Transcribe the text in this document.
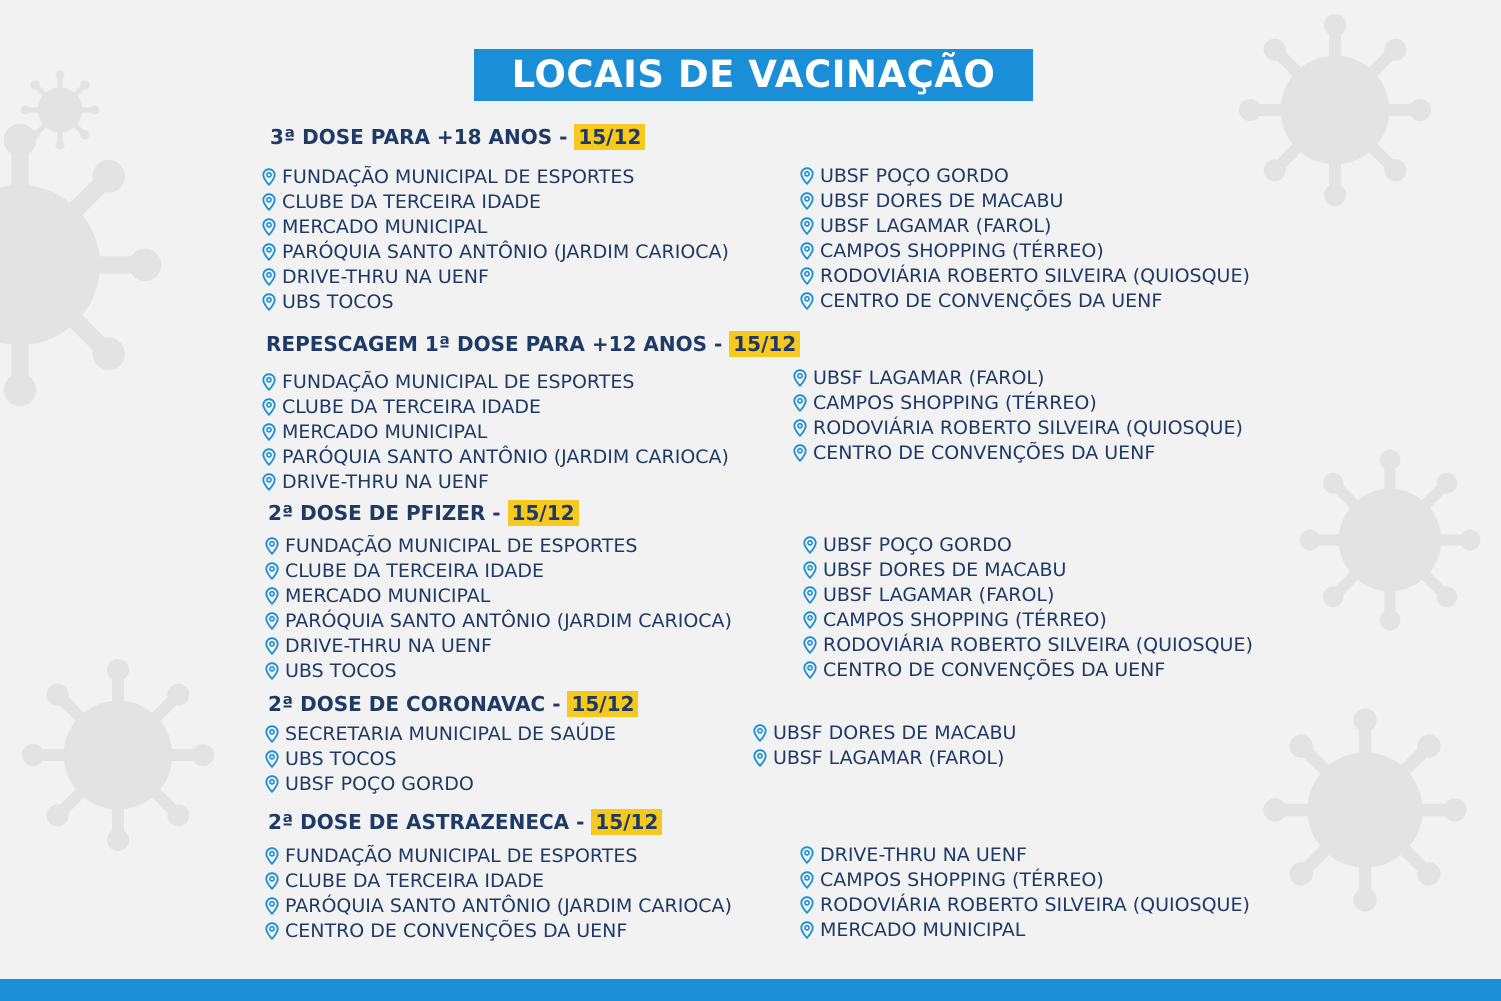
LOCAIS DE VACINAÇÃO
3ª DOSE PARA +18 ANOS - 15/12
FUNDAÇÃO MUNICIPAL DE ESPORTES
CLUBE DA TERCEIRA IDADE
MERCADO MUNICIPAL
PARÓQUIA SANTO ANTÔNIO (JARDIM CARIOCA)
DRIVE-THRU NA UENF
UBS TOCOS
UBSF POÇO GORDO
UBSF DORES DE MACABU
UBSF LAGAMAR (FAROL)
CAMPOS SHOPPING (TÉRREO)
RODOVIÁRIA ROBERTO SILVEIRA (QUIOSQUE)
CENTRO DE CONVENÇÕES DA UENF
REPESCAGEM 1ª DOSE PARA +12 ANOS - 15/12
FUNDAÇÃO MUNICIPAL DE ESPORTES
CLUBE DA TERCEIRA IDADE
MERCADO MUNICIPAL
PARÓQUIA SANTO ANTÔNIO (JARDIM CARIOCA)
DRIVE-THRU NA UENF
UBSF LAGAMAR (FAROL)
CAMPOS SHOPPING (TÉRREO)
RODOVIÁRIA ROBERTO SILVEIRA (QUIOSQUE)
CENTRO DE CONVENÇÕES DA UENF
2ª DOSE DE PFIZER - 15/12
FUNDAÇÃO MUNICIPAL DE ESPORTES
CLUBE DA TERCEIRA IDADE
MERCADO MUNICIPAL
PARÓQUIA SANTO ANTÔNIO (JARDIM CARIOCA)
DRIVE-THRU NA UENF
UBS TOCOS
UBSF POÇO GORDO
UBSF DORES DE MACABU
UBSF LAGAMAR (FAROL)
CAMPOS SHOPPING (TÉRREO)
RODOVIÁRIA ROBERTO SILVEIRA (QUIOSQUE)
CENTRO DE CONVENÇÕES DA UENF
2ª DOSE DE CORONAVAC - 15/12
SECRETARIA MUNICIPAL DE SAÚDE
UBS TOCOS
UBSF POÇO GORDO
UBSF DORES DE MACABU
UBSF LAGAMAR (FAROL)
2ª DOSE DE ASTRAZENECA - 15/12
FUNDAÇÃO MUNICIPAL DE ESPORTES
CLUBE DA TERCEIRA IDADE
PARÓQUIA SANTO ANTÔNIO (JARDIM CARIOCA)
CENTRO DE CONVENÇÕES DA UENF
DRIVE-THRU NA UENF
CAMPOS SHOPPING (TÉRREO)
RODOVIÁRIA ROBERTO SILVEIRA (QUIOSQUE)
MERCADO MUNICIPAL
